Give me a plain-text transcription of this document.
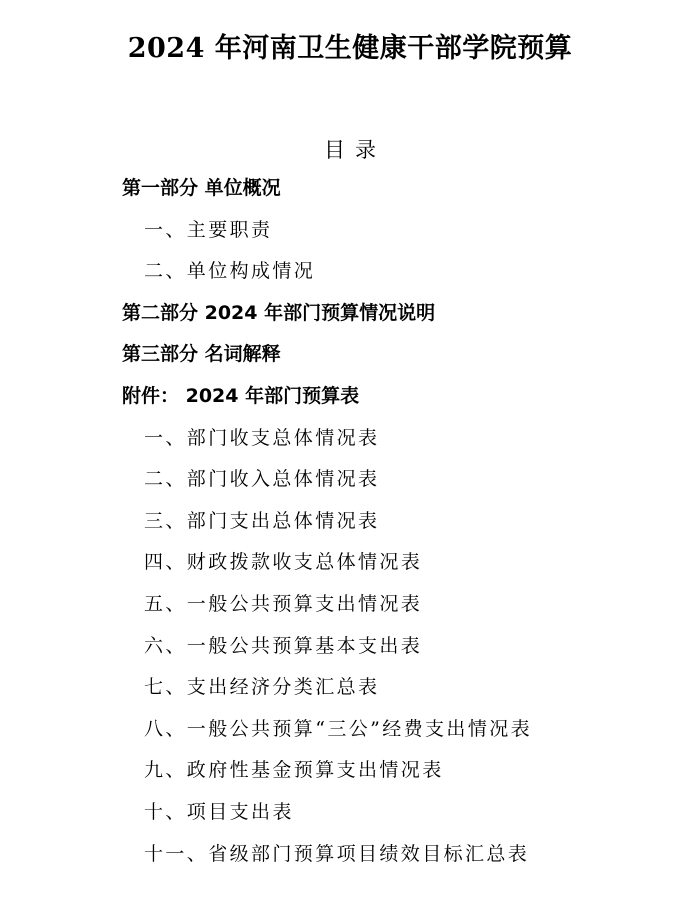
2024 年河南卫生健康干部学院预算
目录
第一部分 单位概况
一、主要职责
二、单位构成情况
第二部分 2024 年部门预算情况说明
第三部分 名词解释
附件： 2024 年部门预算表
一、部门收支总体情况表
二、部门收入总体情况表
三、部门支出总体情况表
四、财政拨款收支总体情况表
五、一般公共预算支出情况表
六、一般公共预算基本支出表
七、支出经济分类汇总表
八、一般公共预算“三公”经费支出情况表
九、政府性基金预算支出情况表
十、项目支出表
十一、省级部门预算项目绩效目标汇总表
